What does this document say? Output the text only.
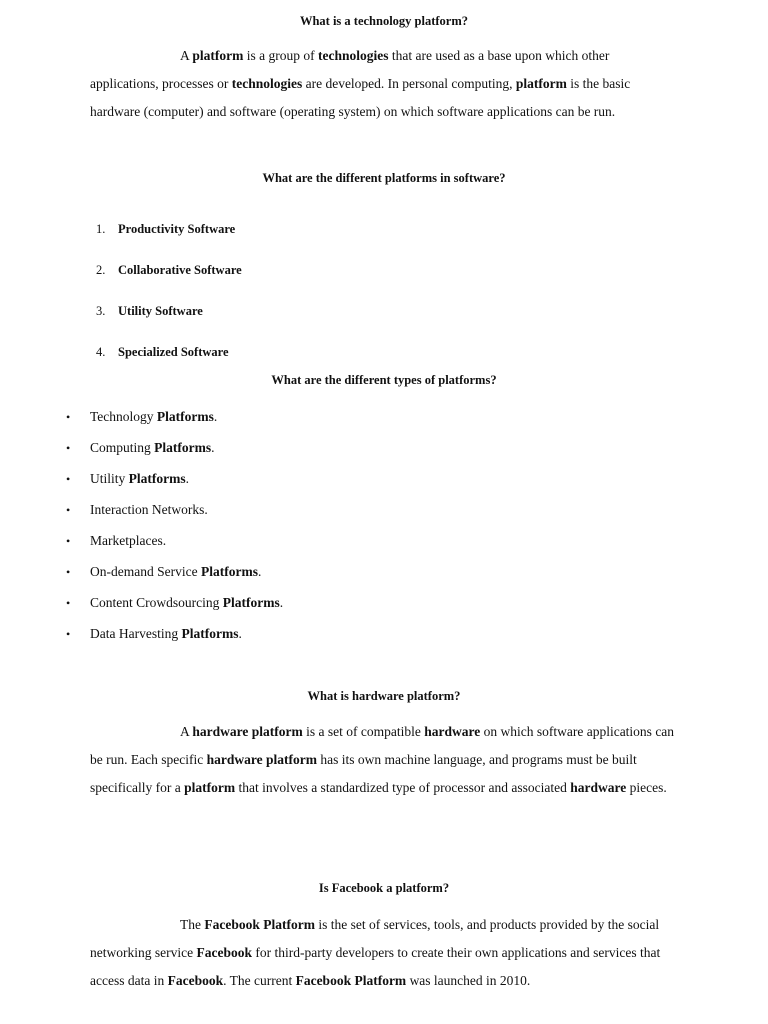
What is a technology platform?
A platform is a group of technologies that are used as a base upon which other applications, processes or technologies are developed. In personal computing, platform is the basic hardware (computer) and software (operating system) on which software applications can be run.
What are the different platforms in software?
1. Productivity Software
2. Collaborative Software
3. Utility Software
4. Specialized Software
What are the different types of platforms?
• Technology Platforms.
• Computing Platforms.
• Utility Platforms.
• Interaction Networks.
• Marketplaces.
• On-demand Service Platforms.
• Content Crowdsourcing Platforms.
• Data Harvesting Platforms.
What is hardware platform?
A hardware platform is a set of compatible hardware on which software applications can be run. Each specific hardware platform has its own machine language, and programs must be built specifically for a platform that involves a standardized type of processor and associated hardware pieces.
Is Facebook a platform?
The Facebook Platform is the set of services, tools, and products provided by the social networking service Facebook for third-party developers to create their own applications and services that access data in Facebook. The current Facebook Platform was launched in 2010.
